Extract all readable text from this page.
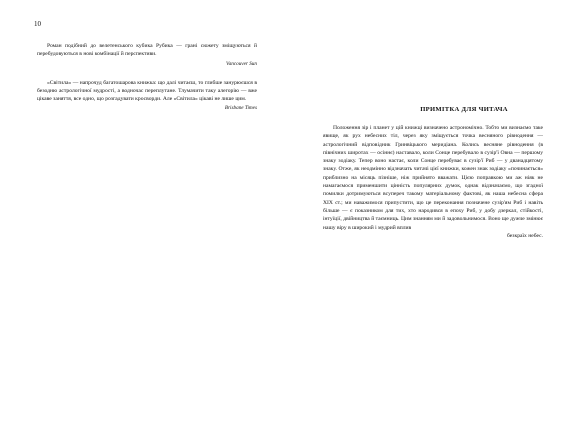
10

Роман подібний до велетенського кубика Рубика — грані сюжету зміщуються й перебудовуються в нові комбінації й перспективи.

Vancouver Sun

«Світила» — напрочуд багатошарова книжка: що далі читаєш, то глибше занурюєшся в безодню астрологічної мудрості, а водночас переплутане. Тлумачити таку алегорію — вже цікаве заняття, все одно, що розгадувати кросворди. Але «Світила» цікаві не лише цим.

Brisbane Times	ПРИМІТКА ДЛЯ ЧИТАЧА

Положення зір і планет у цій книжці визначено астрономічно. Тобто ми визнаємо таке явище, як рух небесних тіл, через яку зміщується точка весняного рівнодення — астрологічний відповідник Гринвіцького меридіана. Колись весняне рівнодення (в північних широтах — осіннє) наставало, коли Сонце перебувало в сузір'ї Овна — першому знаку зодіаку. Тепер воно настає, коли Сонце перебуває в сузір'ї Риб — у дванадцятому знаку. Отже, як неодмінно відзначать читачі цієї книжки, кожен знак зодіаку «починається» приблизно на місяць пізніше, ніж прийнято вважати. Цією поправкою ми аж ніяк не намагаємося применшити цінність популярних думок, однак відзначаємо, що згадної помилки дотримуються всупереч такому матеріальному фактові, як наша небесна сфера XIX ст.; ми наважимося припустити, що це переконання позначене сузір'ям Риб і навіть більше — є показником для тих, хто народився в епоху Риб, у добу дзеркал, стійкості, інтуїції, двійництва й таємниць. Цим знанням ми й задовольнимося. Воно ще дужче змінює нашу віру в широкий і мудрий вплив

безкраїх небес.
